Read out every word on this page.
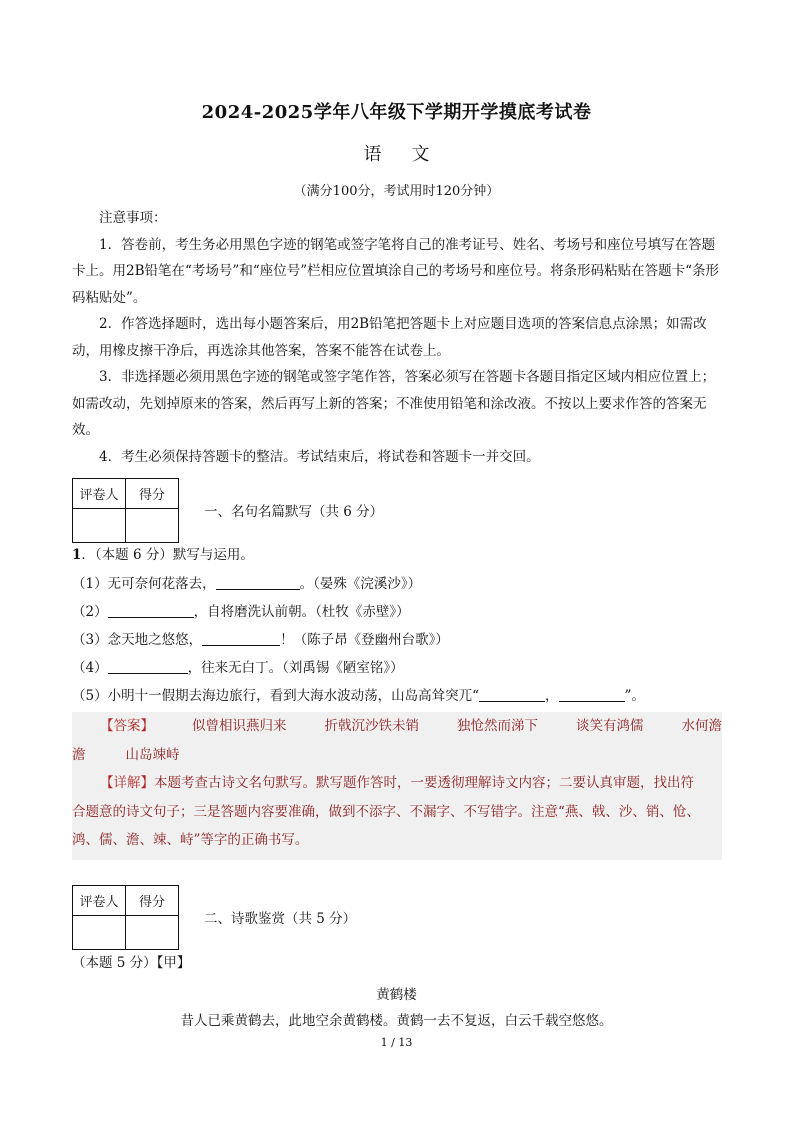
2024-2025学年八年级下学期开学摸底考试卷
语文
（满分100分，考试用时120分钟）

注意事项：

1．答卷前，考生务必用黑色字迹的钢笔或签字笔将自己的准考证号、姓名、考场号和座位号填写在答题卡上。用2B铅笔在“考场号”和“座位号”栏相应位置填涂自己的考场号和座位号。将条形码粘贴在答题卡“条形码粘贴处”。

2．作答选择题时，选出每小题答案后，用2B铅笔把答题卡上对应题目选项的答案信息点涂黑；如需改动，用橡皮擦干净后，再选涂其他答案，答案不能答在试卷上。

3．非选择题必须用黑色字迹的钢笔或签字笔作答，答案必须写在答题卡各题目指定区域内相应位置上；如需改动，先划掉原来的答案，然后再写上新的答案；不准使用铅笔和涂改液。不按以上要求作答的答案无效。

4．考生必须保持答题卡的整洁。考试结束后，将试卷和答题卡一并交回。

评卷人	得分

一、名句名篇默写（共 6 分）
1．（本题 6 分）默写与运用。
（1）无可奈何花落去，	。（晏殊《浣溪沙》）
（2）	，自将磨洗认前朝。（杜牧《赤壁》）
（3）念天地之悠悠，	！（陈子昂《登幽州台歌》）
（4）	，往来无白丁。（刘禹锡《陋室铭》）
（5）小明十一假期去海边旅行，看到大海水波动荡，山岛高耸突兀“	，	”。
【答案】	似曾相识燕归来	折戟沉沙铁未销	独怆然而涕下	谈笑有鸿儒	水何澹

澹	山岛竦峙

【详解】本题考查古诗文名句默写。默写题作答时，一要透彻理解诗文内容；二要认真审题，找出符

合题意的诗文句子；三是答题内容要准确，做到不添字、不漏字、不写错字。注意“燕、戟、沙、销、怆、

鸿、儒、澹、竦、峙”等字的正确书写。

评卷人	得分

二、诗歌鉴赏（共 5 分）
（本题 5 分）【甲】
黄鹤楼
昔人已乘黄鹤去，此地空余黄鹤楼。黄鹤一去不复返，白云千载空悠悠。
1 / 13
